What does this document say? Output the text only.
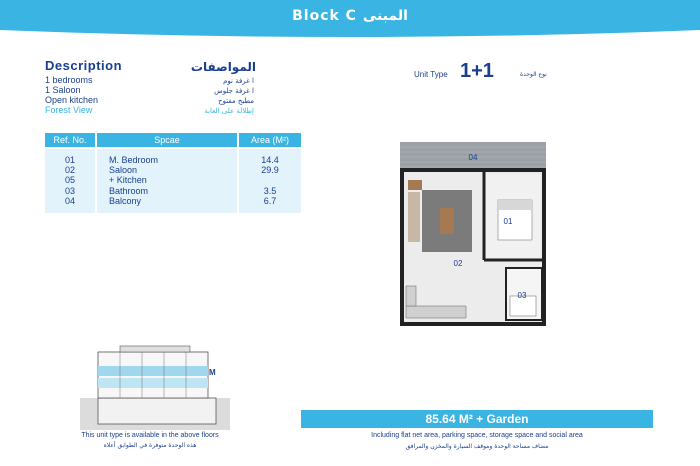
Block C المبنى
Description
1 bedrooms
1 Saloon
Open kitchen
Forest View
المواصفات
ا غرفة نوم
ا غرفة جلوس
مطبخ مفتوح
إطلالة على الغابة
Ref. No.	Spcae	Area (M²)
01	M. Bedroom	14.4
02	Saloon	29.9
05	+ Kitchen
03	Bathroom	3.5
04	Balcony	6.7
Unit Type 1+1	نوع الوحدة
04
01
02
03
M
This unit type is available in the above floors
هذه الوحدة متوفرة في الطوابق أعلاه
85.64 M² + Garden
Including flat net area, parking space, storage space and social area
مضاف مساحة الوحدة وموقف السيارة والمخزن والمرافق
